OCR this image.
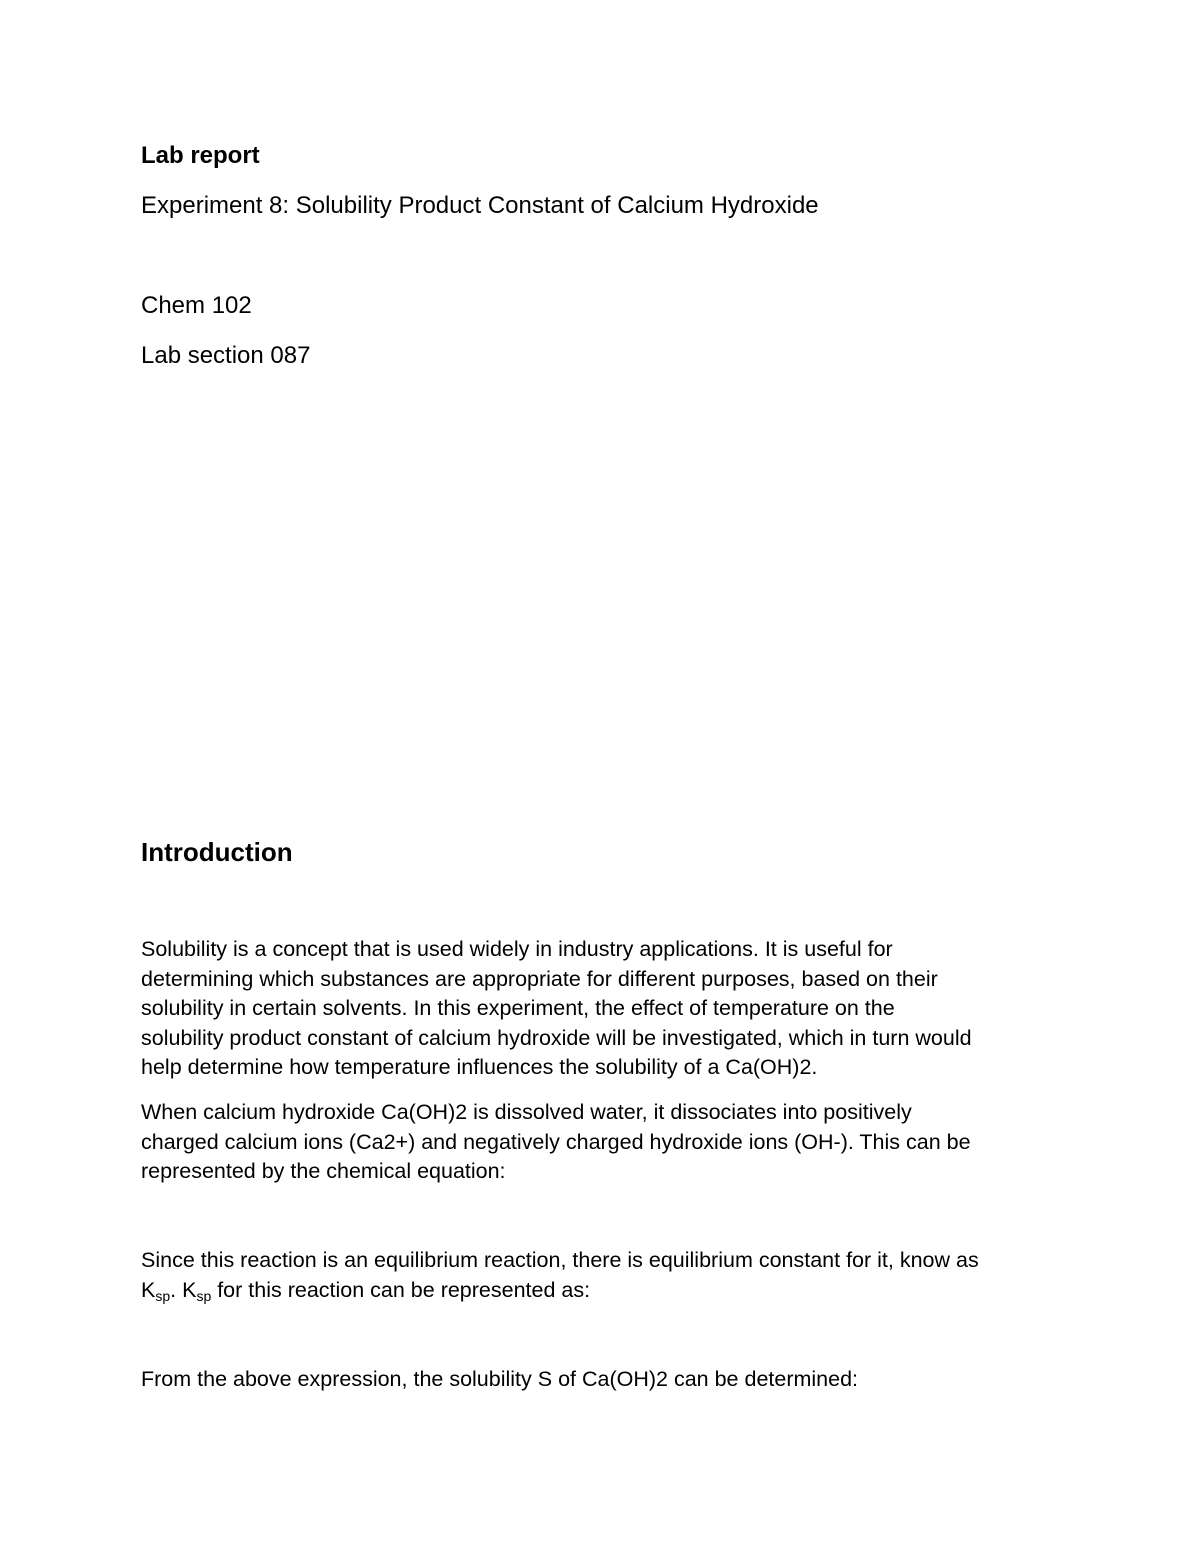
Lab report

Experiment 8: Solubility Product Constant of Calcium Hydroxide

Chem 102

Lab section 087

Introduction

Solubility is a concept that is used widely in industry applications. It is useful for
determining which substances are appropriate for different purposes, based on their
solubility in certain solvents. In this experiment, the effect of temperature on the
solubility product constant of calcium hydroxide will be investigated, which in turn would
help determine how temperature influences the solubility of a Ca(OH)2.
When calcium hydroxide Ca(OH)2 is dissolved water, it dissociates into positively
charged calcium ions (Ca2+) and negatively charged hydroxide ions (OH-). This can be
represented by the chemical equation:
Since this reaction is an equilibrium reaction, there is equilibrium constant for it, know as
$K_{sp}$. $K_{sp}$ for this reaction can be represented as:
From the above expression, the solubility S of Ca(OH)2 can be determined:
